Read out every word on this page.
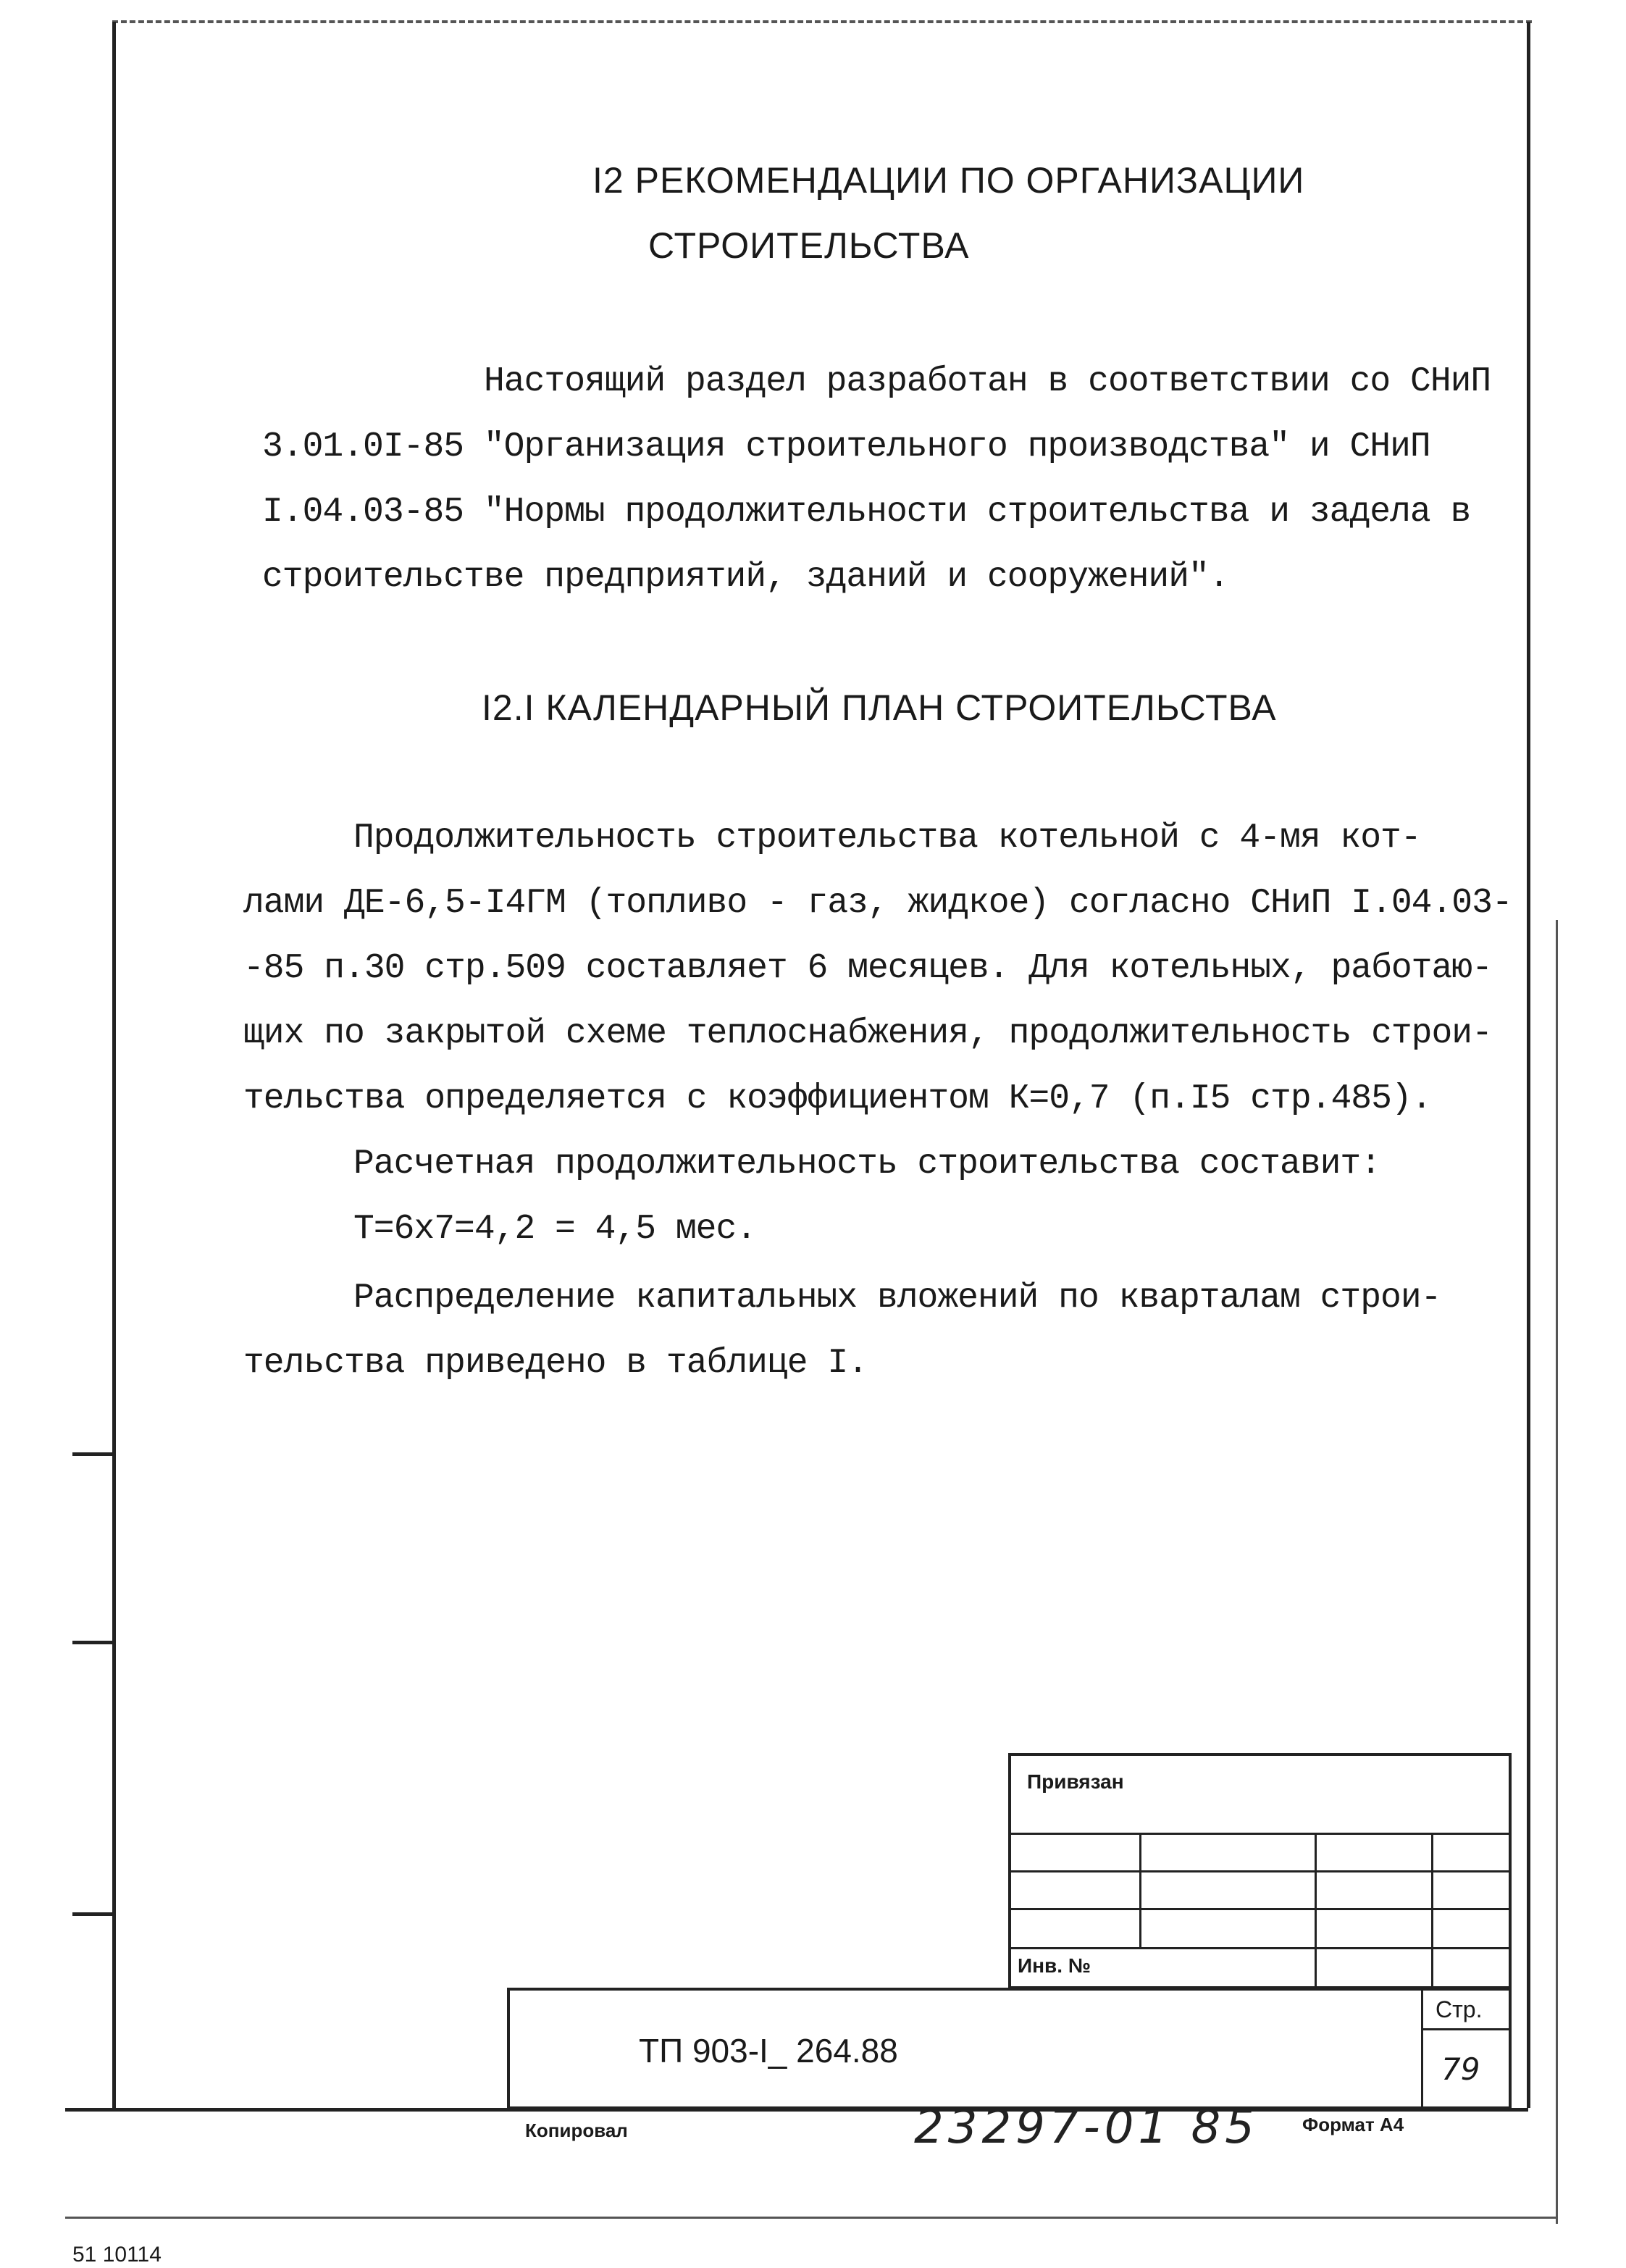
I2 РЕКОМЕНДАЦИИ ПО ОРГАНИЗАЦИИ
СТРОИТЕЛЬСТВА
Настоящий раздел разработан в соответствии со СНиП
3.01.0I-85 "Организация строительного производства" и СНиП
I.04.03-85 "Нормы продолжительности строительства и задела в
строительстве предприятий, зданий и сооружений".
I2.I КАЛЕНДАРНЫЙ ПЛАН СТРОИТЕЛЬСТВА
Продолжительность строительства котельной с 4-мя кот-
лами ДЕ-6,5-I4ГМ (топливо - газ, жидкое) согласно СНиП I.04.03-
-85 п.30 стр.509 составляет 6 месяцев. Для котельных, работаю-
щих по закрытой схеме теплоснабжения, продолжительность строи-
тельства определяется с коэффициентом К=0,7 (п.I5 стр.485).
Расчетная продолжительность строительства составит:
Т=6х7=4,2 = 4,5 мес.
Распределение капитальных вложений по кварталам строи-
тельства приведено в таблице I.
Привязан
Инв. №
Стр.
79
ТП 903-I_ 264.88
Копировал	23297-01 85 Формат А4
51 10114
